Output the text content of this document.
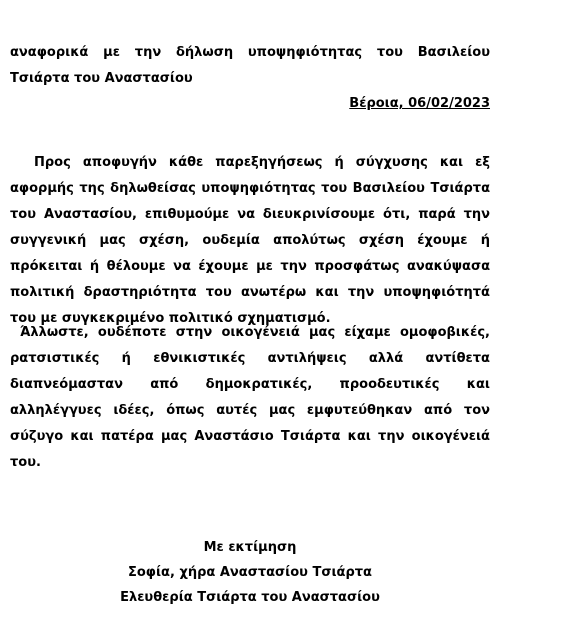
αναφορικά με την δήλωση υποψηφιότητας του Βασιλείου
Τσιάρτα του Αναστασίου
Βέροια, 06/02/2023
Προς αποφυγήν κάθε παρεξηγήσεως ή σύγχυσης και εξ αφορμής της δηλωθείσας υποψηφιότητας του Βασιλείου Τσιάρτα του Αναστασίου, επιθυμούμε να διευκρινίσουμε ότι, παρά την συγγενική μας σχέση, ουδεμία απολύτως σχέση έχουμε ή πρόκειται ή θέλουμε να έχουμε με την προσφάτως ανακύψασα πολιτική δραστηριότητα του ανωτέρω και την υποψηφιότητά του με συγκεκριμένο πολιτικό σχηματισμό.
Άλλωστε, ουδέποτε στην οικογένειά μας είχαμε ομοφοβικές, ρατσιστικές ή εθνικιστικές αντιλήψεις αλλά αντίθετα διαπνεόμασταν από δημοκρατικές, προοδευτικές και αλληλέγγυες ιδέες, όπως αυτές μας εμφυτεύθηκαν από τον σύζυγο και πατέρα μας Αναστάσιο Τσιάρτα και την οικογένειά του.
Με εκτίμηση
Σοφία, χήρα Αναστασίου Τσιάρτα
Ελευθερία Τσιάρτα του Αναστασίου
